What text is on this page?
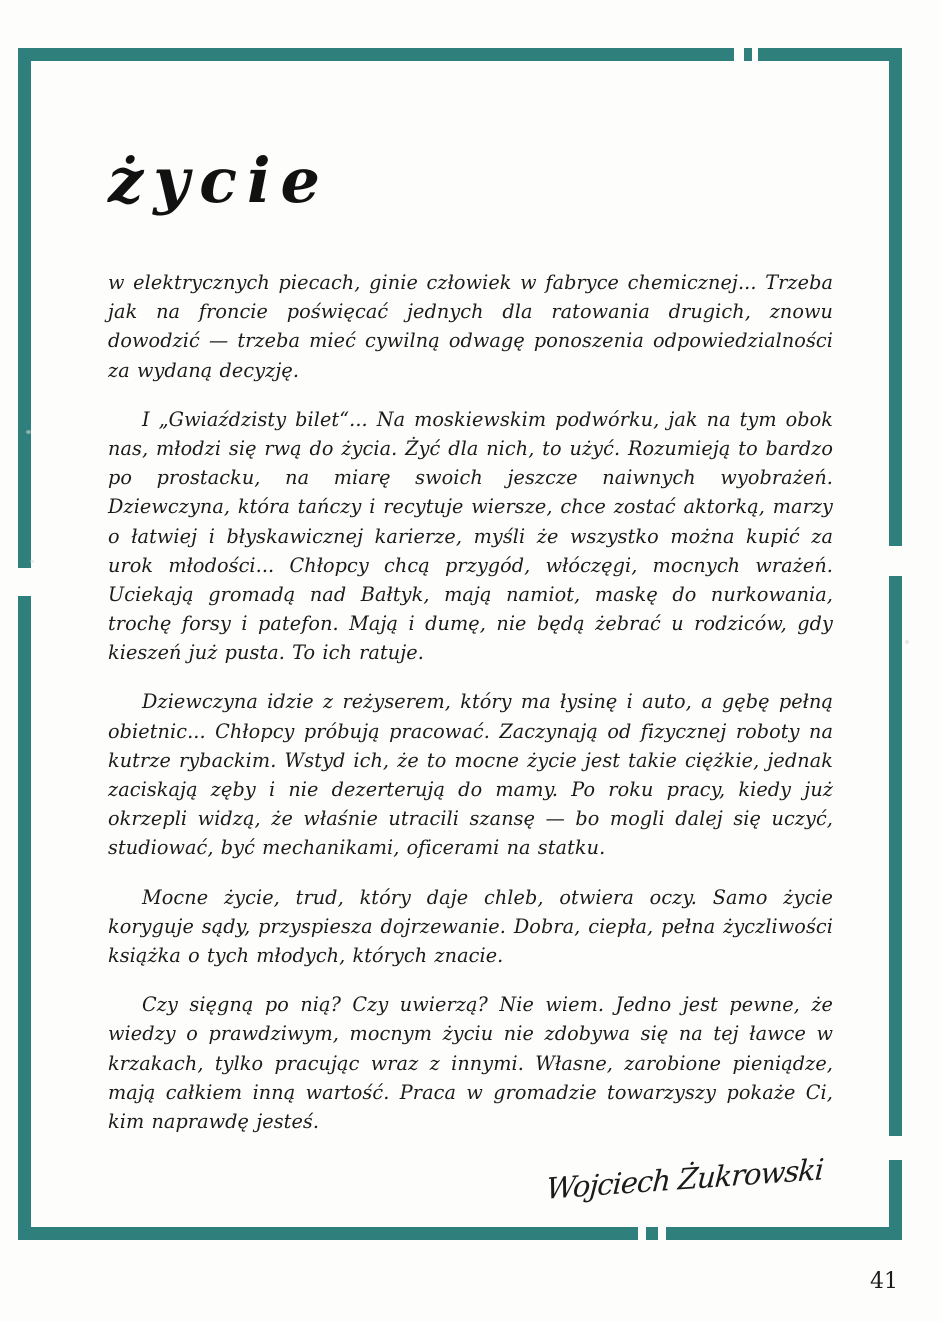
życie

w elektrycznych piecach, ginie człowiek w fabryce chemicznej... Trzeba jak na froncie poświęcać jednych dla ratowania drugich, znowu dowodzić — trzeba mieć cywilną odwagę ponoszenia odpowiedzialności za wydaną decyzję.

I „Gwiaździsty bilet“... Na moskiewskim podwórku, jak na tym obok nas, młodzi się rwą do życia. Żyć dla nich, to użyć. Rozumieją to bardzo po prostacku, na miarę swoich jeszcze naiwnych wyobrażeń. Dziewczyna, która tańczy i recytuje wiersze, chce zostać aktorką, marzy o łatwiej i błyskawicznej karierze, myśli że wszystko można kupić za urok młodości... Chłopcy chcą przygód, włóczęgi, mocnych wrażeń. Uciekają gromadą nad Bałtyk, mają namiot, maskę do nurkowania, trochę forsy i patefon. Mają i dumę, nie będą żebrać u rodziców, gdy kieszeń już pusta. To ich ratuje.

Dziewczyna idzie z reżyserem, który ma łysinę i auto, a gębę pełną obietnic... Chłopcy próbują pracować. Zaczynają od fizycznej roboty na kutrze rybackim. Wstyd ich, że to mocne życie jest takie ciężkie, jednak zaciskają zęby i nie dezerterują do mamy. Po roku pracy, kiedy już okrzepli widzą, że właśnie utracili szansę — bo mogli dalej się uczyć, studiować, być mechanikami, oficerami na statku.

Mocne życie, trud, który daje chleb, otwiera oczy. Samo życie koryguje sądy, przyspiesza dojrzewanie. Dobra, ciepła, pełna życzliwości książka o tych młodych, których znacie.

Czy sięgną po nią? Czy uwierzą? Nie wiem. Jedno jest pewne, że wiedzy o prawdziwym, mocnym życiu nie zdobywa się na tej ławce w krzakach, tylko pracując wraz z innymi. Własne, zarobione pieniądze, mają całkiem inną wartość. Praca w gromadzie towarzyszy pokaże Ci, kim naprawdę jesteś.

Wojciech Żukrowski
41
